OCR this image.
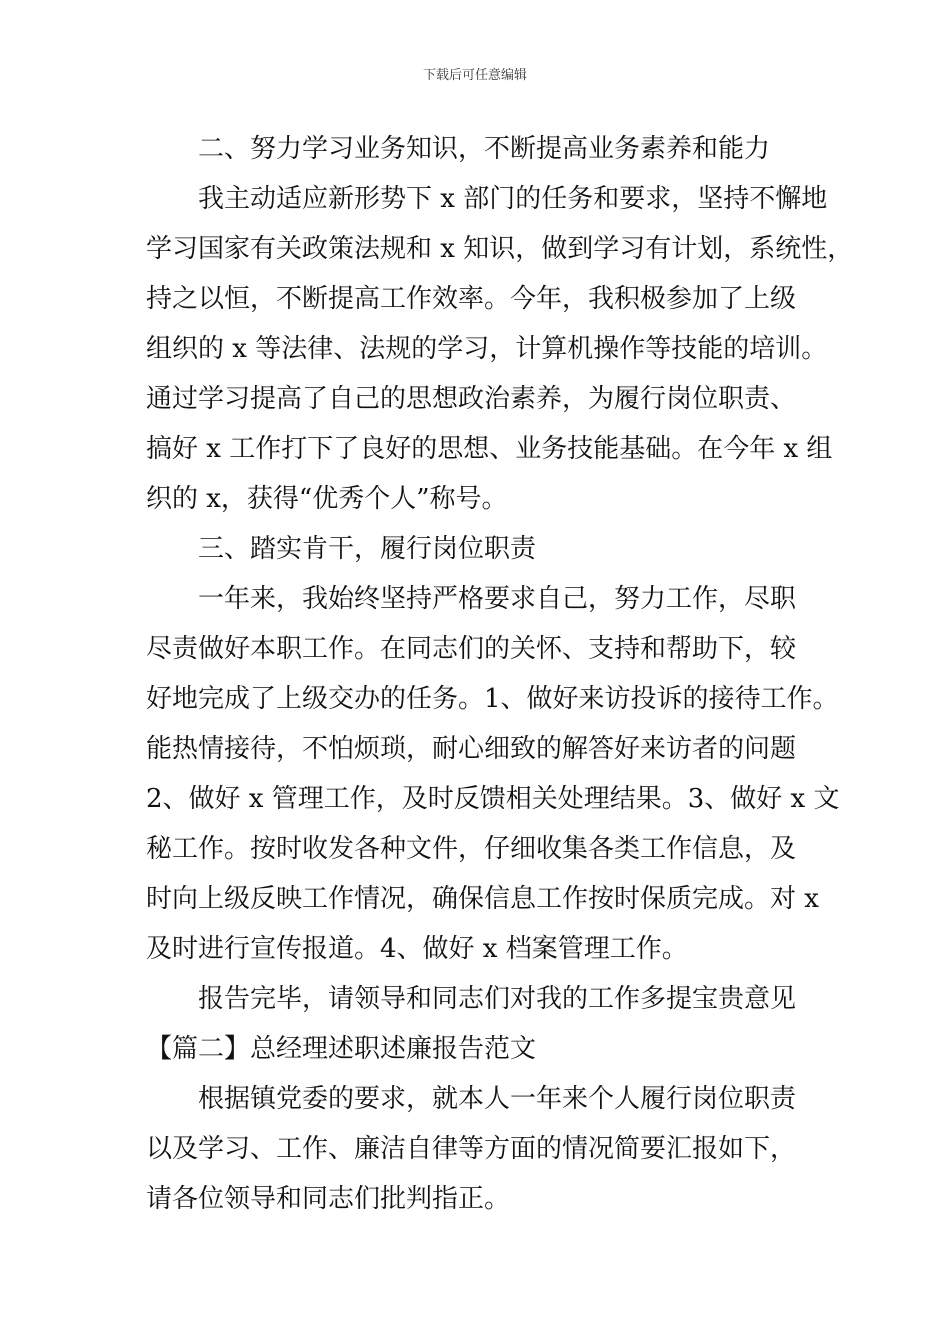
下载后可任意编辑
二、努力学习业务知识，不断提高业务素养和能力
我主动适应新形势下 x 部门的任务和要求，坚持不懈地
学习国家有关政策法规和 x 知识，做到学习有计划，系统性，
持之以恒，不断提高工作效率。今年，我积极参加了上级
组织的 x 等法律、法规的学习，计算机操作等技能的培训。
通过学习提高了自己的思想政治素养，为履行岗位职责、
搞好 x 工作打下了良好的思想、业务技能基础。在今年 x 组
织的 x，获得“优秀个人”称号。
三、踏实肯干，履行岗位职责
一年来，我始终坚持严格要求自己，努力工作，尽职
尽责做好本职工作。在同志们的关怀、支持和帮助下，较
好地完成了上级交办的任务。1、做好来访投诉的接待工作。
能热情接待，不怕烦琐，耐心细致的解答好来访者的问题
2、做好 x 管理工作，及时反馈相关处理结果。3、做好 x 文
秘工作。按时收发各种文件，仔细收集各类工作信息，及
时向上级反映工作情况，确保信息工作按时保质完成。对 x
及时进行宣传报道。4、做好 x 档案管理工作。
报告完毕，请领导和同志们对我的工作多提宝贵意见
【篇二】总经理述职述廉报告范文
根据镇党委的要求，就本人一年来个人履行岗位职责
以及学习、工作、廉洁自律等方面的情况简要汇报如下，
请各位领导和同志们批判指正。
